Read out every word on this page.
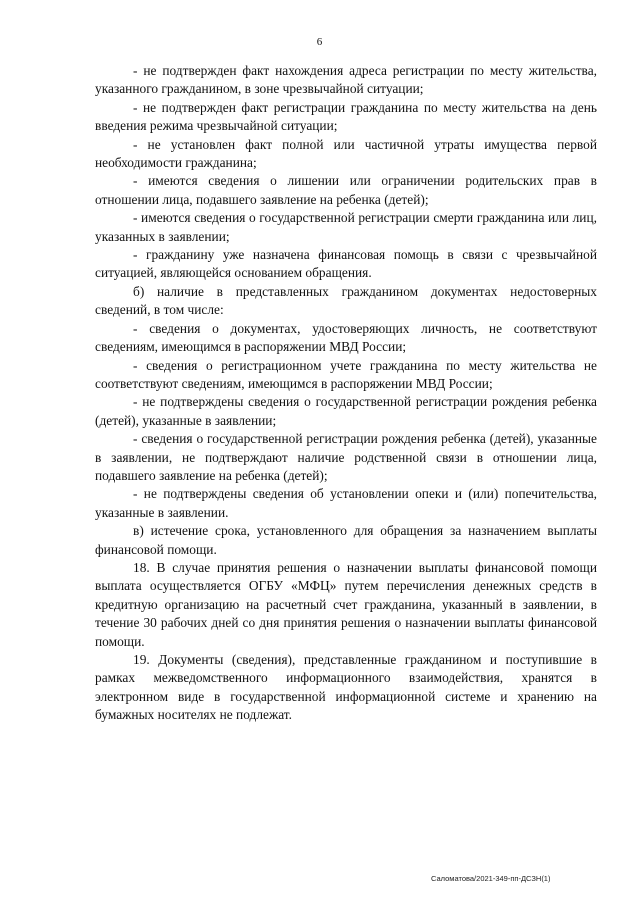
6

- не подтвержден факт нахождения адреса регистрации по месту жительства, указанного гражданином, в зоне чрезвычайной ситуации;

- не подтвержден факт регистрации гражданина по месту жительства на день введения режима чрезвычайной ситуации;

- не установлен факт полной или частичной утраты имущества первой необходимости гражданина;

- имеются сведения о лишении или ограничении родительских прав в отношении лица, подавшего заявление на ребенка (детей);

- имеются сведения о государственной регистрации смерти гражданина или лиц, указанных в заявлении;

- гражданину уже назначена финансовая помощь в связи с чрезвычайной ситуацией, являющейся основанием обращения.

б) наличие в представленных гражданином документах недостоверных сведений, в том числе:

- сведения о документах, удостоверяющих личность, не соответствуют сведениям, имеющимся в распоряжении МВД России;

- сведения о регистрационном учете гражданина по месту жительства не соответствуют сведениям, имеющимся в распоряжении МВД России;

- не подтверждены сведения о государственной регистрации рождения ребенка (детей), указанные в заявлении;

- сведения о государственной регистрации рождения ребенка (детей), указанные в заявлении, не подтверждают наличие родственной связи в отношении лица, подавшего заявление на ребенка (детей);

- не подтверждены сведения об установлении опеки и (или) попечительства, указанные в заявлении.

в) истечение срока, установленного для обращения за назначением выплаты финансовой помощи.

18. В случае принятия решения о назначении выплаты финансовой помощи выплата осуществляется ОГБУ «МФЦ» путем перечисления денежных средств в кредитную организацию на расчетный счет гражданина, указанный в заявлении, в течение 30 рабочих дней со дня принятия решения о назначении выплаты финансовой помощи.

19. Документы (сведения), представленные гражданином и поступившие в рамках межведомственного информационного взаимодействия, хранятся в электронном виде в государственной информационной системе и хранению на бумажных носителях не подлежат.

Саломатова/2021-349-пп-ДСЗН(1)
